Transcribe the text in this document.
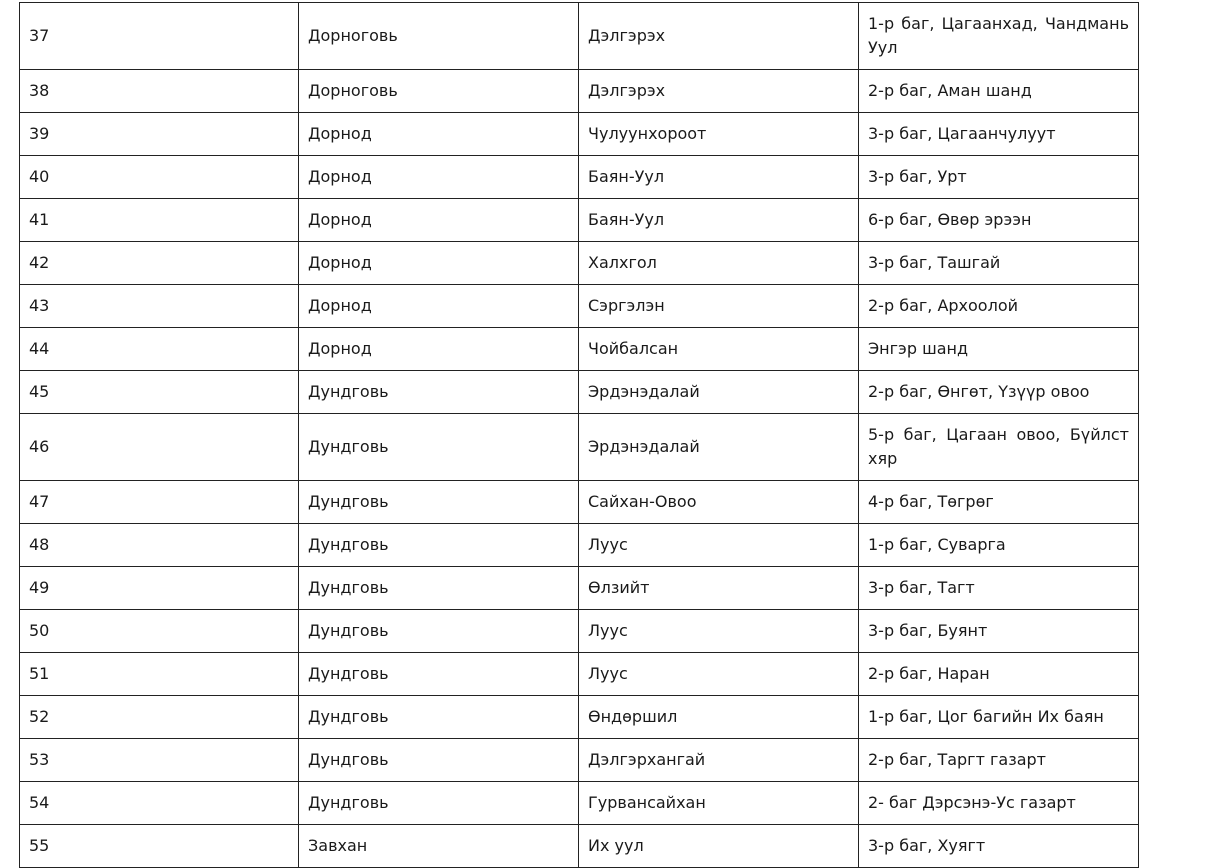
37	Дорноговь	Дэлгэрэх	1-р баг, Цагаанхад, Чандмань Уул
38	Дорноговь	Дэлгэрэх	2-р баг, Аман шанд
39	Дорнод	Чулуунхороот	3-р баг, Цагаанчулуут
40	Дорнод	Баян-Уул	3-р баг, Урт
41	Дорнод	Баян-Уул	6-р баг, Өвөр эрээн
42	Дорнод	Халхгол	3-р баг, Ташгай
43	Дорнод	Сэргэлэн	2-р баг, Архоолой
44	Дорнод	Чойбалсан	Энгэр шанд
45	Дундговь	Эрдэнэдалай	2-р баг, Өнгөт, Үзүүр овоо
46	Дундговь	Эрдэнэдалай	5-р баг, Цагаан овоо, Бүйлст хяр
47	Дундговь	Сайхан-Овоо	4-р баг, Төгрөг
48	Дундговь	Луус	1-р баг, Суварга
49	Дундговь	Өлзийт	3-р баг, Тагт
50	Дундговь	Луус	3-р баг, Буянт
51	Дундговь	Луус	2-р баг, Наран
52	Дундговь	Өндөршил	1-р баг, Цог багийн Их баян
53	Дундговь	Дэлгэрхангай	2-р баг, Таргт газарт
54	Дундговь	Гурвансайхан	2- баг Дэрсэнэ-Ус газарт
55	Завхан	Их уул	3-р баг, Хуягт
